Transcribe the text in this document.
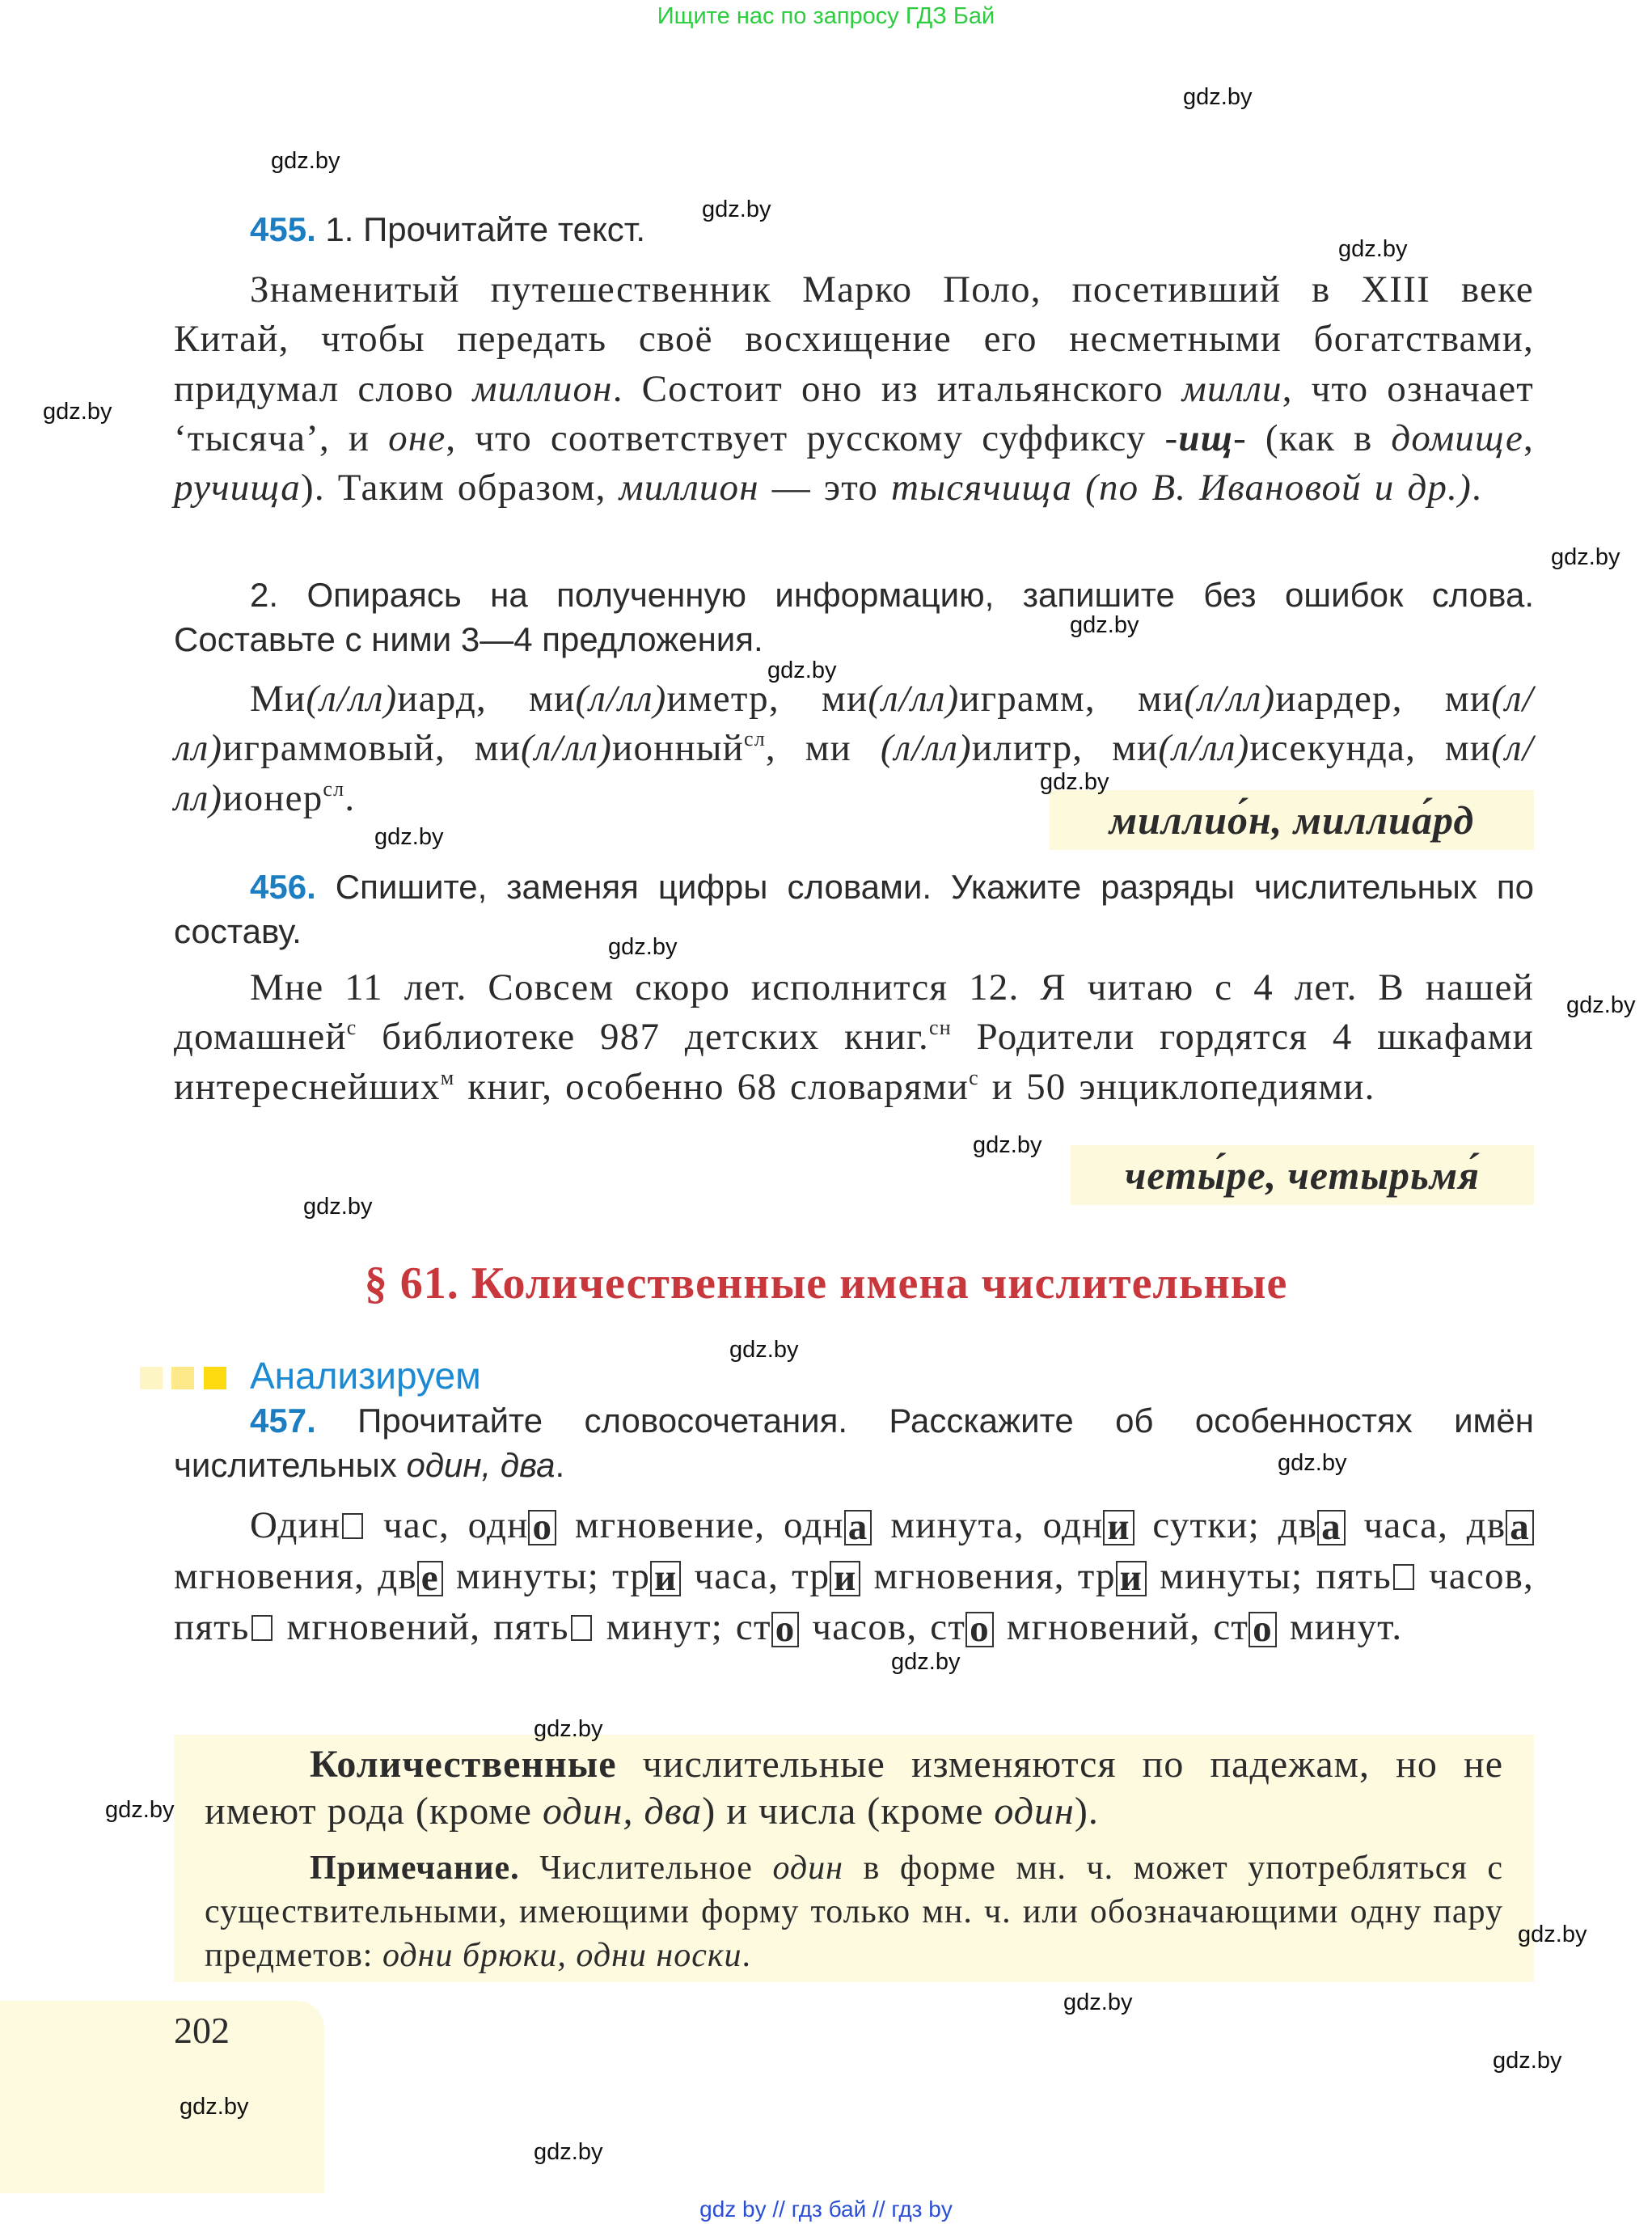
Ищите нас по запросу ГДЗ Бай
455. 1. Прочитайте текст.
Знаменитый путешественник Марко Поло, посетивший в XIII веке Китай, чтобы передать своё восхищение его несметными богатствами, придумал слово миллион. Состоит оно из итальянского милли, что означает ‘тысяча’, и оне, что соответствует русскому суффиксу -ищ- (как в домище, ручища). Таким образом, миллион — это тысячища (по В. Ивановой и др.).
2. Опираясь на полученную информацию, запишите без ошибок слова. Составьте с ними 3—4 предложения.
Ми(л/лл)иард, ми(л/лл)иметр, ми(л/лл)играмм, ми(л/лл)иардер, ми(л/лл)играммовый, ми(л/лл)ионный$^{сл}$, ми (л/лл)илитр, ми(л/лл)исекунда, ми(л/лл)ионер$^{сл}$.	миллио́н, миллиа́рд
456. Спишите, заменяя цифры словами. Укажите разряды числительных по составу.
Мне 11 лет. Совсем скоро исполнится 12. Я читаю с 4 лет. В нашей домашней$^с$ библиотеке 987 детских книг.$^{сн}$ Родители гордятся 4 шкафами интереснейших$^м$ книг, особенно 68 словарями$^с$ и 50 энциклопедиями.
четы́ре, четырьмя́
§ 61. Количественные имена числительные
Анализируем
457. Прочитайте словосочетания. Расскажите об особенностях имён числительных один, два.
Один час, одн о мгновение, одн а минута, одн и сутки; дв а часа, дв а мгновения, дв е минуты; тр и часа, тр и мгновения, тр и минуты; пять часов, пять мгновений, пять минут; ст о часов, ст о мгновений, ст о минут.
Количественные числительные изменяются по падежам, но не имеют рода (кроме один, два) и числа (кроме один).
Примечание. Числительное один в форме мн. ч. может употребляться с существительными, имеющими форму только мн. ч. или обозначающими одну пару предметов: одни брюки, одни носки.
202
gdz.by
gdz.by
gdz.by
gdz.by
gdz.by
gdz.by
gdz.by
gdz.by
gdz.by
gdz.by
gdz.by
gdz.by
gdz.by
gdz.by
gdz.by
gdz.by
gdz.by
gdz.by
gdz.by
gdz.by
gdz.by
gdz.by
gdz.by
gdz.by
gdz by // гдз бай // гдз by
